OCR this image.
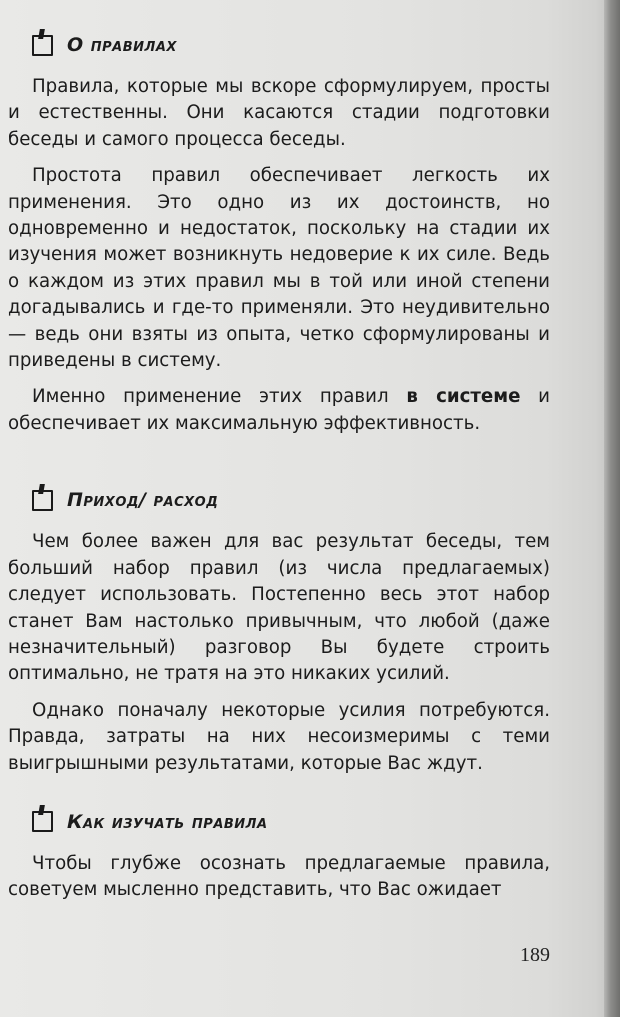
О правилах

Правила, которые мы вскоре сформулируем, просты и естественны. Они касаются стадии подготовки беседы и самого процесса беседы.

Простота правил обеспечивает легкость их применения. Это одно из их достоинств, но одновременно и недостаток, поскольку на стадии их изучения может возникнуть недоверие к их силе. Ведь о каждом из этих правил мы в той или иной степени догадывались и где-то применяли. Это неудивительно — ведь они взяты из опыта, четко сформулированы и приведены в систему.

Именно применение этих правил в системе и обеспечивает их максимальную эффективность.

Приход/ расход

Чем более важен для вас результат беседы, тем больший набор правил (из числа предлагаемых) следует использовать. Постепенно весь этот набор станет Вам настолько привычным, что любой (даже незначительный) разговор Вы будете строить оптимально, не тратя на это никаких усилий.

Однако поначалу некоторые усилия потребуются. Правда, затраты на них несоизмеримы с теми выигрышными результатами, которые Вас ждут.

Как изучать правила

Чтобы глубже осознать предлагаемые правила, советуем мысленно представить, что Вас ожидает

189
